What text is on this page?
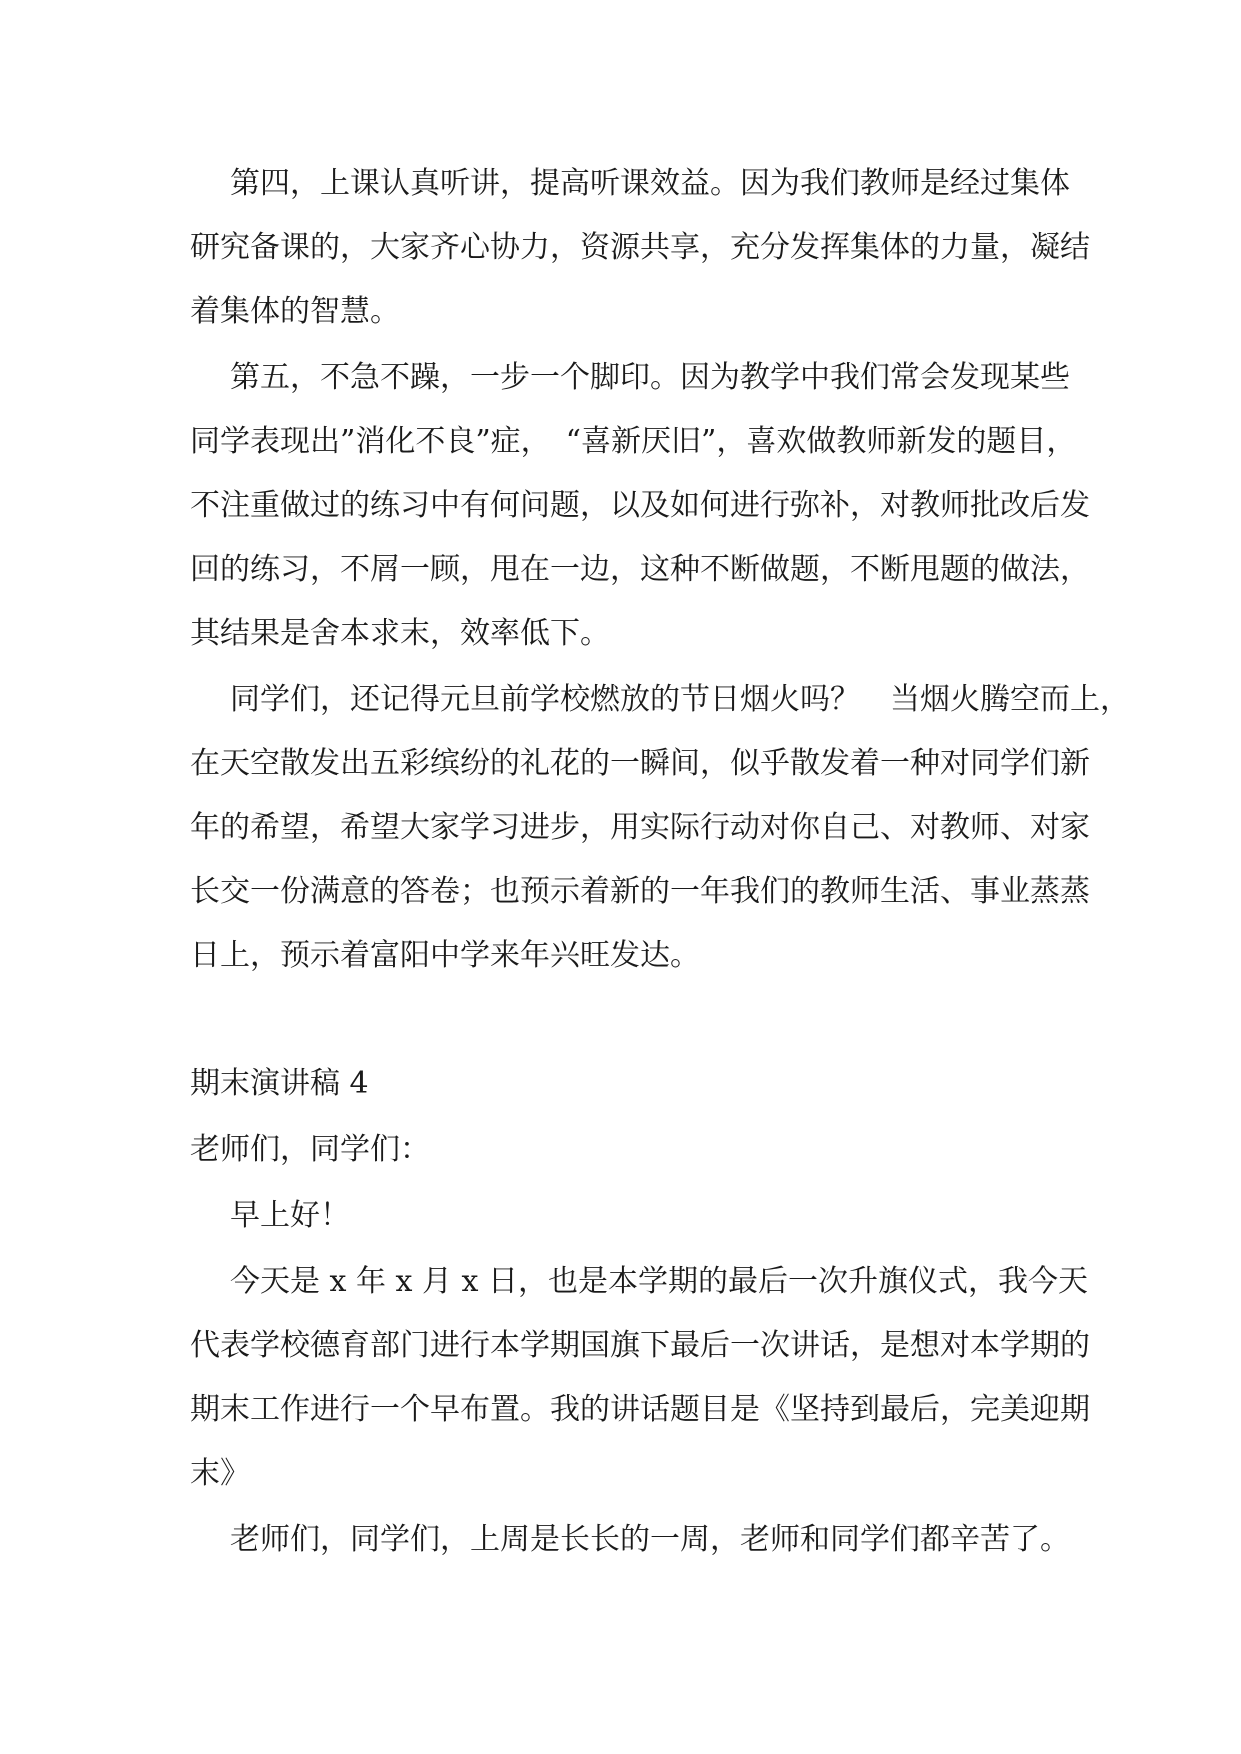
第四，上课认真听讲，提高听课效益。因为我们教师是经过集体
研究备课的，大家齐心协力，资源共享，充分发挥集体的力量，凝结
着集体的智慧。
第五，不急不躁，一步一个脚印。因为教学中我们常会发现某些
同学表现出”消化不良”症，　“喜新厌旧”，喜欢做教师新发的题目，
不注重做过的练习中有何问题，以及如何进行弥补，对教师批改后发
回的练习，不屑一顾，甩在一边，这种不断做题，不断甩题的做法，
其结果是舍本求末，效率低下。
同学们，还记得元旦前学校燃放的节日烟火吗？　当烟火腾空而上，
在天空散发出五彩缤纷的礼花的一瞬间，似乎散发着一种对同学们新
年的希望，希望大家学习进步，用实际行动对你自己、对教师、对家
长交一份满意的答卷；也预示着新的一年我们的教师生活、事业蒸蒸
日上，预示着富阳中学来年兴旺发达。
期末演讲稿 4
老师们，同学们：
早上好！
今天是 x 年 x 月 x 日，也是本学期的最后一次升旗仪式，我今天
代表学校德育部门进行本学期国旗下最后一次讲话，是想对本学期的
期末工作进行一个早布置。我的讲话题目是《坚持到最后，完美迎期
末》
老师们，同学们，上周是长长的一周，老师和同学们都辛苦了。
